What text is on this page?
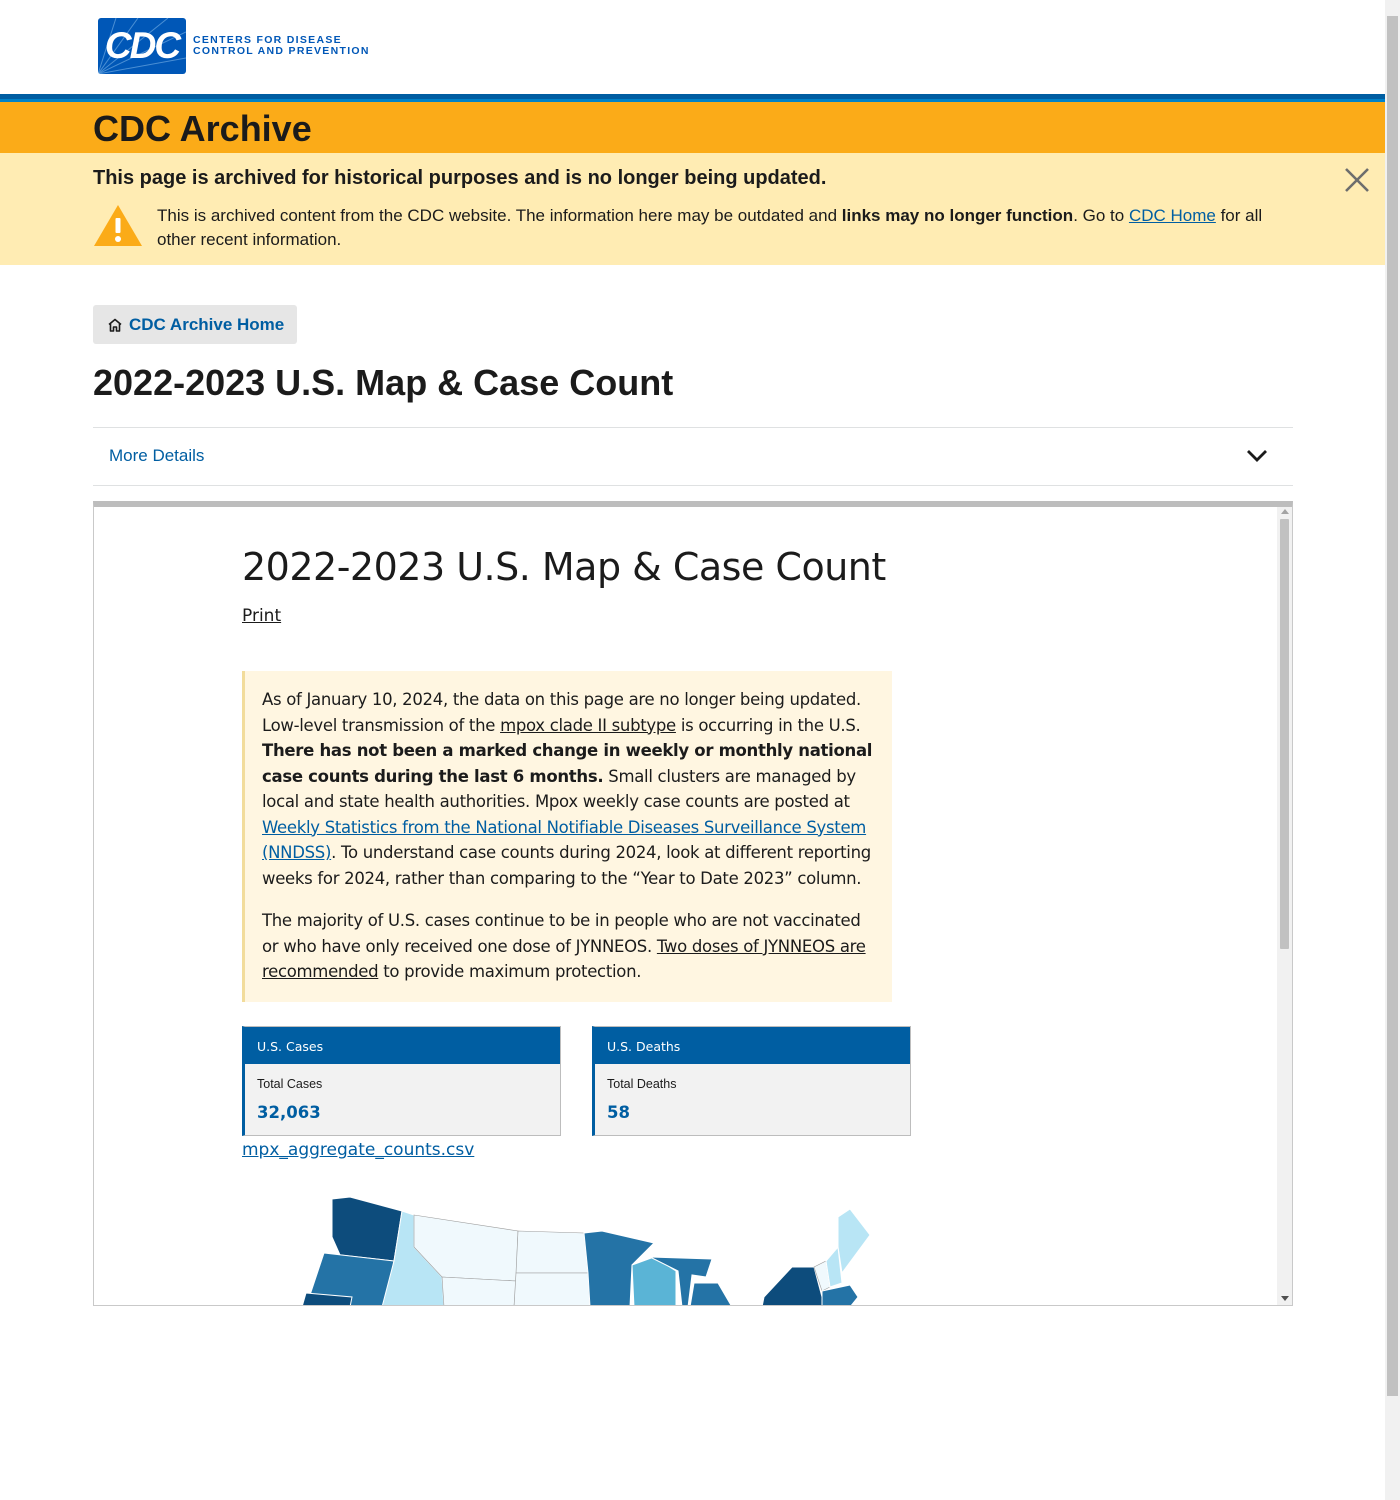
CDC CENTERS FOR DISEASE
CONTROL AND PREVENTION
CDC Archive
This page is archived for historical purposes and is no longer being updated.
This is archived content from the CDC website. The information here may be outdated and links may no longer function. Go to CDC Home for all other recent information.
CDC Archive Home
2022-2023 U.S. Map & Case Count
More Details
2022-2023 U.S. Map & Case Count
Print

As of January 10, 2024, the data on this page are no longer being updated. Low-level transmission of the mpox clade II subtype is occurring in the U.S. There has not been a marked change in weekly or monthly national case counts during the last 6 months. Small clusters are managed by local and state health authorities. Mpox weekly case counts are posted at Weekly Statistics from the National Notifiable Diseases Surveillance System (NNDSS). To understand case counts during 2024, look at different reporting weeks for 2024, rather than comparing to the “Year to Date 2023” column.

The majority of U.S. cases continue to be in people who are not vaccinated or who have only received one dose of JYNNEOS. Two doses of JYNNEOS are recommended to provide maximum protection.

U.S. Cases
Total Cases
32,063
U.S. Deaths
Total Deaths
58
mpx_aggregate_counts.csv
